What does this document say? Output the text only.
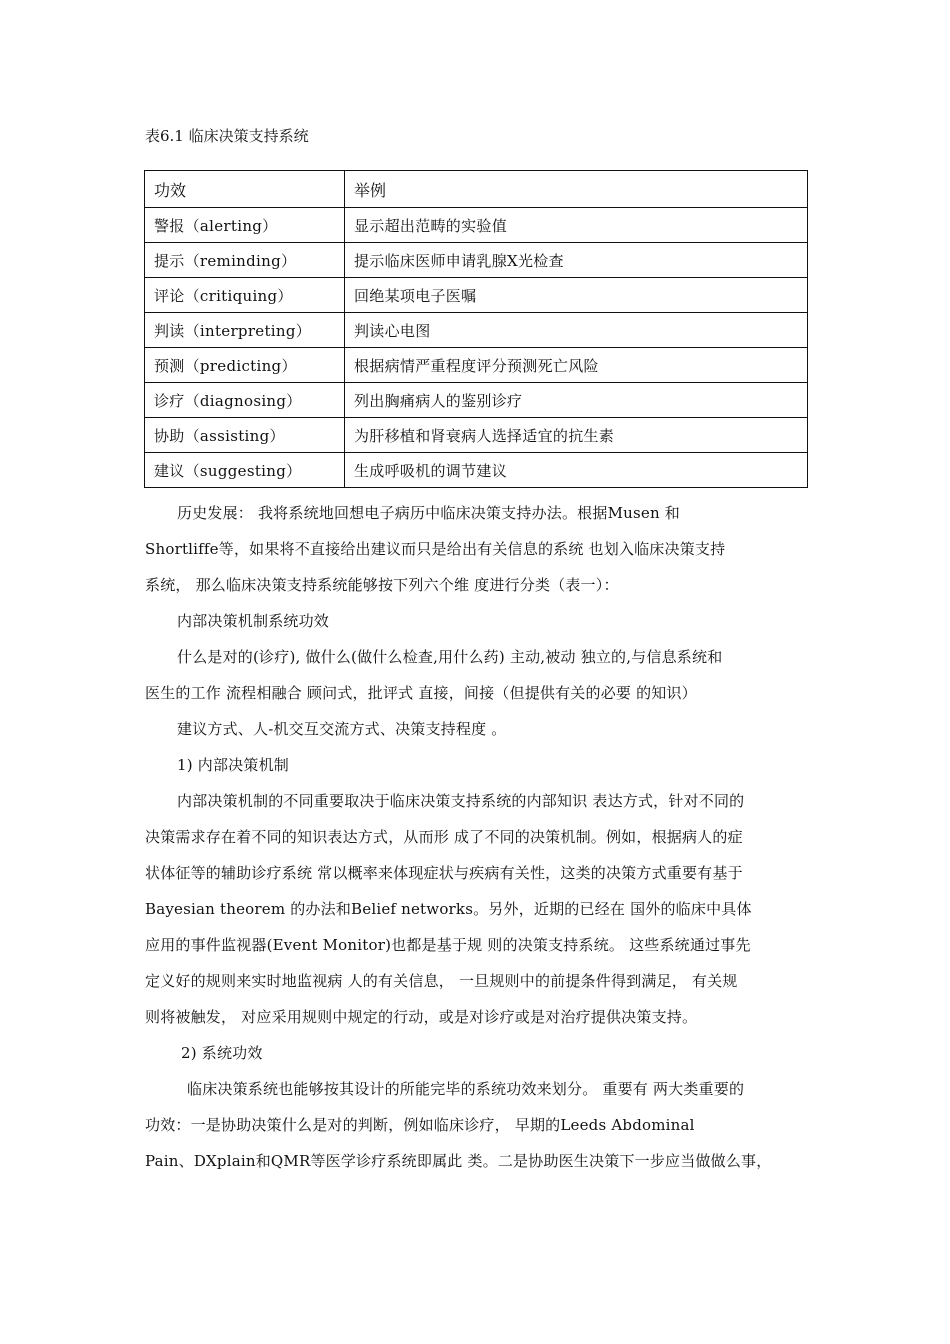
表6.1 临床决策支持系统
功效	举例
警报（alerting）	显示超出范畴的实验值
提示（reminding）	提示临床医师申请乳腺X光检查
评论（critiquing）	回绝某项电子医嘱
判读（interpreting）	判读心电图
预测（predicting）	根据病情严重程度评分预测死亡风险
诊疗（diagnosing）	列出胸痛病人的鉴别诊疗
协助（assisting）	为肝移植和肾衰病人选择适宜的抗生素
建议（suggesting）	生成呼吸机的调节建议
历史发展： 我将系统地回想电子病历中临床决策支持办法。根据Musen 和
Shortliffe等，如果将不直接给出建议而只是给出有关信息的系统 也划入临床决策支持
系统， 那么临床决策支持系统能够按下列六个维 度进行分类（表一）：
内部决策机制系统功效
什么是对的(诊疗), 做什么(做什么检查,用什么药) 主动,被动 独立的,与信息系统和
医生的工作 流程相融合 顾问式，批评式 直接，间接（但提供有关的必要 的知识）
建议方式、人-机交互交流方式、决策支持程度 。
1) 内部决策机制
内部决策机制的不同重要取决于临床决策支持系统的内部知识 表达方式，针对不同的
决策需求存在着不同的知识表达方式，从而形 成了不同的决策机制。例如，根据病人的症
状体征等的辅助诊疗系统 常以概率来体现症状与疾病有关性，这类的决策方式重要有基于
Bayesian theorem 的办法和Belief networks。另外，近期的已经在 国外的临床中具体
应用的事件监视器(Event Monitor)也都是基于规 则的决策支持系统。 这些系统通过事先
定义好的规则来实时地监视病 人的有关信息， 一旦规则中的前提条件得到满足， 有关规
则将被触发， 对应采用规则中规定的行动，或是对诊疗或是对治疗提供决策支持。
2) 系统功效
临床决策系统也能够按其设计的所能完毕的系统功效来划分。 重要有 两大类重要的
功效：一是协助决策什么是对的判断，例如临床诊疗， 早期的Leeds Abdominal
Pain、DXplain和QMR等医学诊疗系统即属此 类。二是协助医生决策下一步应当做做么事，
